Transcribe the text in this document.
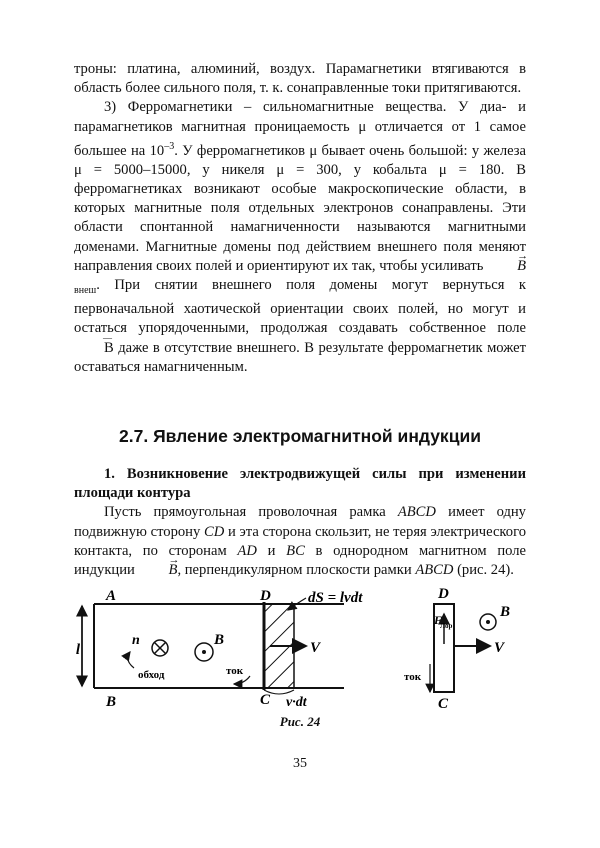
троны: платина, алюминий, воздух. Парамагнетики втягиваются в область более сильного поля, т. к. сонаправленные токи притягиваются.

3) Ферромагнетики – сильномагнитные вещества. У диа- и парамагнетиков магнитная проницаемость μ отличается от 1 самое большее на $10^{-3}$. У ферромагнетиков μ бывает очень большой: у железа μ = 5000–15000, у никеля μ = 300, у кобальта μ = 180. В ферромагнетиках возникают особые макроскопические области, в которых магнитные поля отдельных электронов сонаправлены. Эти области спонтанной намагниченности называются магнитными доменами. Магнитные домены под действием внешнего поля меняют направления своих полей и ориентируют их так, чтобы усиливать → $B_{внеш}$. При снятии внешнего поля домены могут вернуться к первоначальной хаотической ориентации своих полей, но могут и остаться упорядоченными, продолжая создавать собственное поле — B даже в отсутствие внешнего. В результате ферромагнетик может оставаться намагниченным.

2.7. Явление электромагнитной индукции

1. Возникновение электродвижущей силы при изменении площади контура

Пусть прямоугольная проволочная рамка ABCD имеет одну подвижную сторону CD и эта сторона скользит, не теряя электрического контакта, по сторонам AD и BC в однородном магнитном поле индукции → B, перпендикулярном плоскости рамки ABCD (рис. 24).

l
A
B
D
C
dS = lvdt
n
обход
B
ток
V
v·dt
D
C
F
Лор
V
B
ток
Рис. 24
35
